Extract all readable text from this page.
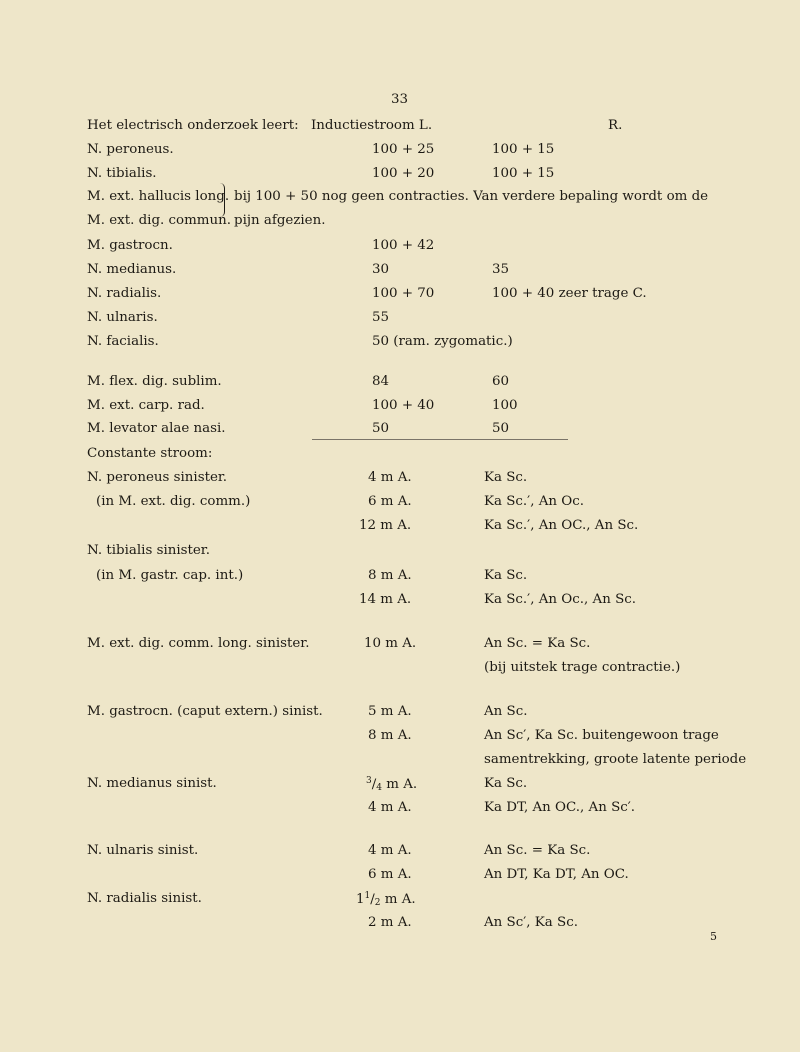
33
Het electrisch onderzoek leert: Inductiestroom L.	R.
N. peroneus.	100 + 25	100 + 15
N. tibialis.	100 + 20	100 + 15
M. ext. hallucis long. bij 100 + 50 nog geen contracties. Van verdere bepaling wordt om de
M. ext. dig. commun. pijn afgezien.
M. gastrocn.	100 + 42
N. medianus.	30	35
N. radialis.	100 + 70	100 + 40 zeer trage C.
N. ulnaris.	55
N. facialis.	50 (ram. zygomatic.)
M. flex. dig. sublim.	84	60
M. ext. carp. rad.	100 + 40	100
M. levator alae nasi.	50	50
Constante stroom:
N. peroneus sinister.	4 m A.	Ka Sc.
(in M. ext. dig. comm.)	6 m A.	Ka Sc.′, An Oc.
12 m A.	Ka Sc.′, An OC., An Sc.
N. tibialis sinister.
(in M. gastr. cap. int.)	8 m A.	Ka Sc.
14 m A.	Ka Sc.′, An Oc., An Sc.
M. ext. dig. comm. long. sinister.	10 m A.	An Sc. = Ka Sc.
(bij uitstek trage contractie.)
M. gastrocn. (caput extern.) sinist.	5 m A.	An Sc.
8 m A.	An Sc′, Ka Sc. buitengewoon trage
samentrekking, groote latente periode
N. medianus sinist.	$^3/_4$ m A.	Ka Sc.
4 m A.	Ka DT, An OC., An Sc′.
N. ulnaris sinist.	4 m A.	An Sc. = Ka Sc.
6 m A.	An DT, Ka DT, An OC.
N. radialis sinist.	$1^1/_2$ m A.
2 m A.	An Sc′, Ka Sc.
5
